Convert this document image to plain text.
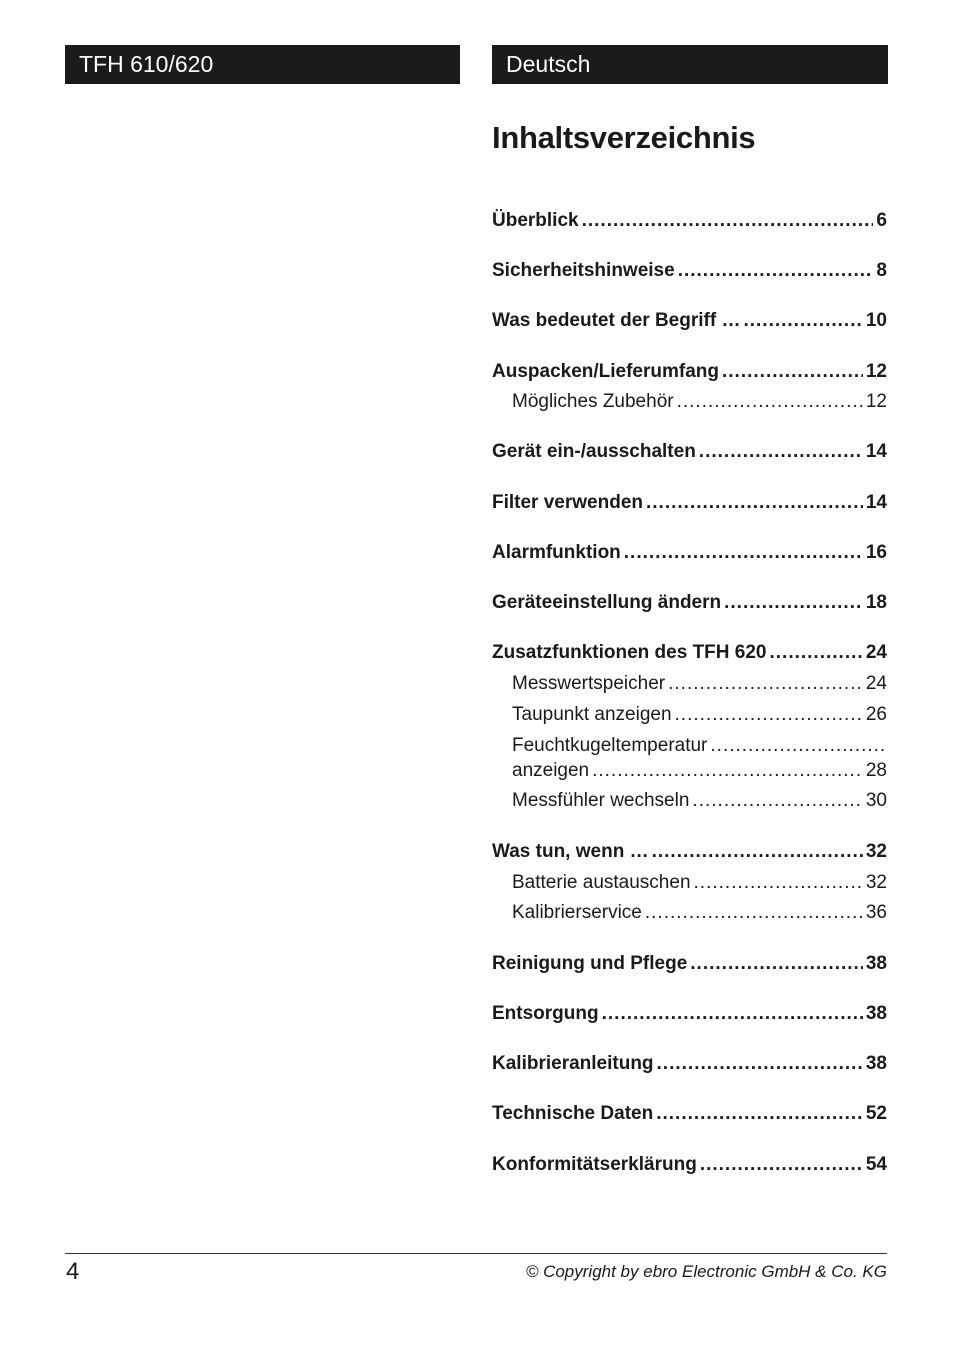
TFH 610/620	Deutsch
Inhaltsverzeichnis
Überblick .....	6
Sicherheitshinweise .....	8
Was bedeutet der Begriff … .....	10
Auspacken/Lieferumfang .....	12
Mögliches Zubehör .....	12
Gerät ein-/ausschalten .....	14
Filter verwenden .....	14
Alarmfunktion .....	16
Geräteeinstellung ändern .....	18
Zusatzfunktionen des TFH 620 .....	24
Messwertspeicher .....	24
Taupunkt anzeigen .....	26
Feuchtkugeltemperatur
.....
anzeigen .....	28
Messfühler wechseln .....	30
Was tun, wenn … .....	32
Batterie austauschen .....	32
Kalibrierservice .....	36
Reinigung und Pflege .....	38
Entsorgung .....	38
Kalibrieranleitung .....	38
Technische Daten .....	52
Konformitätserklärung .....	54
4	© Copyright by ebro Electronic GmbH & Co. KG
